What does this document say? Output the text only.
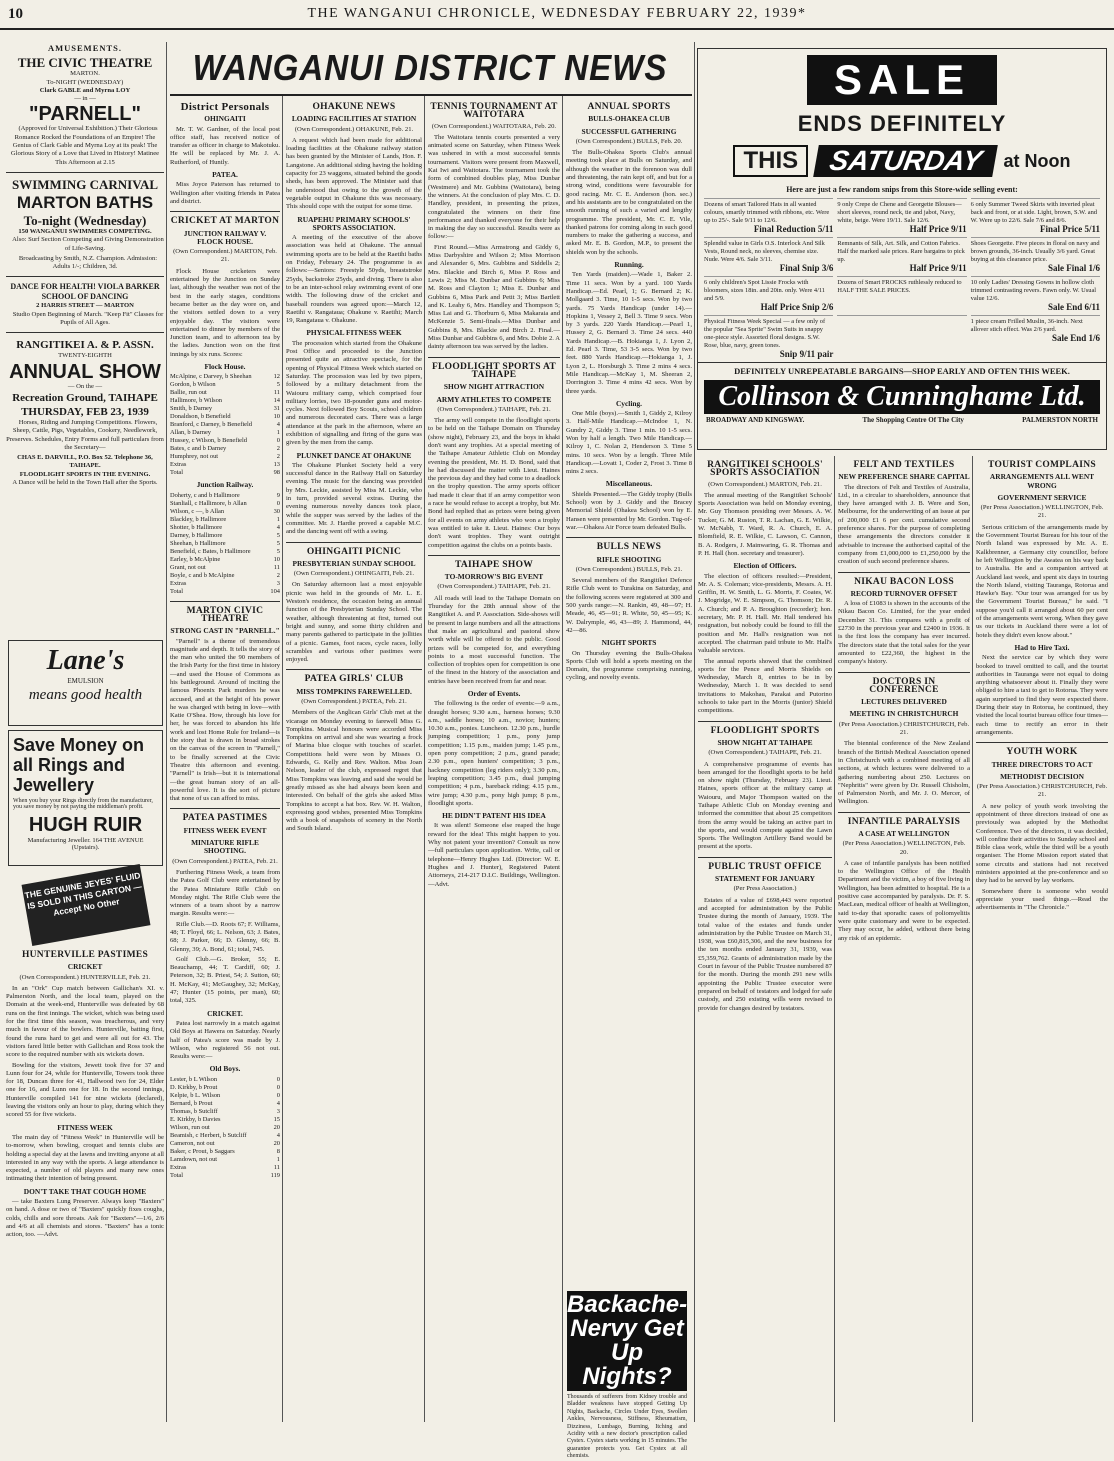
10	THE WANGANUI CHRONICLE, WEDNESDAY FEBRUARY 22, 1939*
AMUSEMENTS.
THE CIVIC THEATRE
MARTON.
To-NIGHT (WEDNESDAY)
Clark GABLE and Myrna LOY
— in —
"PARNELL"

(Approved for Universal Exhibition.) Their Glorious Romance Rocked the Foundations of an Empire! The Genius of Clark Gable and Myrna Loy at its peak! The Glorious Story of a Love that Lived in History! Matinee This Afternoon at 2.15

SWIMMING CARNIVAL
MARTON BATHS
To-night (Wednesday)
150 WANGANUI SWIMMERS COMPETING.

Also: Surf Section Competing and Giving Demonstration of Life-Saving.

Broadcasting by Smith, N.Z. Champion. Admission: Adults 1/-; Children, 3d.

DANCE FOR HEALTH! VIOLA BARKER SCHOOL OF DANCING
2 HARRIS STREET — MARTON

Studio Open Beginning of March. "Keep Fit" Classes for Pupils of All Ages.

RANGITIKEI A. & P. ASSN.
TWENTY-EIGHTH
ANNUAL SHOW
— On the —
Recreation Ground, TAIHAPE
THURSDAY, FEB 23, 1939

Horses, Riding and Jumping Competitions. Flowers, Sheep, Cattle, Pigs, Vegetables, Cookery, Needlework, Preserves. Schedules, Entry Forms and full particulars from the Secretary—

CHAS E. DARVILL, P.O. Box 52. Telephone 36, TAIHAPE.
FLOODLIGHT SPORTS IN THE EVENING.
A Dance will be held in the Town Hall after the Sports.
Lane's
EMULSION
means good health
Save Money on all Rings and Jewellery
When you buy your Rings directly from the manufacturer, you save money by not paying the middleman's profit.
HUGH RUIR
Manufacturing Jeweller. 164 THE AVENUE (Upstairs).
THE GENUINE JEYES' FLUID IS SOLD IN THIS CARTON — Accept No Other
HUNTERVILLE PASTIMES
CRICKET
(Own Correspondent.) HUNTERVILLE, Feb. 21.

In an "Ork" Cup match between Gallichan's XI. v. Palmerston North, and the local team, played on the Domain at the week-end, Hunterville was defeated by 68 runs on the first innings. The wicket, which was being used for the first time this season, was treacherous, and very much in favour of the bowlers. Hunterville, batting first, found the runs hard to get and were all out for 43. The visitors fared little better with Gallichan and Ross took the score to the required number with six wickets down.

Bowling for the visitors, Jewett took five for 37 and Lunn four for 24, while for Hunterville, Towers took three for 18, Duncan three for 41, Hallwood two for 24, Elder one for 16, and Lunn one for 18. In the second innings, Hunterville compiled 141 for nine wickets (declared), leaving the visitors only an hour to play, during which they scored 55 for five wickets.

FITNESS WEEK

The main day of "Fitness Week" in Hunterville will be to-morrow, when bowling, croquet and tennis clubs are holding a special day at the lawns and inviting anyone at all interested in any way with the sports. A large attendance is expected, a number of old players and many new ones intimating their intention of being present.

DON'T TAKE THAT COUGH HOME

— take Baxters Lung Preserver. Always keep "Baxters" on hand. A dose or two of "Baxters" quickly fixes coughs, colds, chills and sore throats. Ask for "Baxters"—1/6, 2/6 and 4/6 at all chemists and stores. "Baxters" has a tonic action, too. —Advt.

WANGANUI DISTRICT NEWS
District Personals
OHINGAITI

Mr. T. W. Gardner, of the local post office staff, has received notice of transfer as officer in charge to Makotuku. He will be replaced by Mr. J. A. Rutherford, of Huntly.

PATEA.

Miss Joyce Paterson has returned to Wellington after visiting friends in Patea and district.

CRICKET AT MARTON
JUNCTION RAILWAY V. FLOCK HOUSE.
(Own Correspondent.) MARTON, Feb. 21.

Flock House cricketers were entertained by the Junction on Sunday last, although the weather was not of the best in the early stages, conditions became better as the day wore on, and the visitors settled down to a very enjoyable day. The visitors were entertained to dinner by members of the Junction team, and to afternoon tea by the ladies. Junction won on the first innings by six runs. Scores:

Flock House.
McAlpine, c Darvey, b Sheehan	12
Gordon, b Wilson	5
Ballie, run out	11
Hallimore, b Wilson	14
Smith, b Darney	31
Donaldson, b Benefield	10
Branford, c Darney, b Benefield	4
Allan, b Darney	1
Hussey, c Wilson, b Benefield	0
Bates, c and b Darney	2
Humphrey, not out	2
Extras	13
Total	98
Junction Railway.
Doherty, c and b Hallimore	9
Stanliall, c Hallimore, b Allan	0
Wilson, c —, b Allan	30
Blackley, b Hallimore	1
Shotter, b Hallimore	4
Darney, b Hallimore	5
Sheehan, b Hallimore	5
Benefield, c Bates, b Hallimore	5
Earley, b McAlpine	10
Grant, not out	11
Boyle, c and b McAlpine	2
Extras	3
Total	104
MARTON CIVIC THEATRE
STRONG CAST IN "PARNELL."

"Parnell" is a theme of tremendous magnitude and depth. It tells the story of the man who united the 90 members of the Irish Party for the first time in history—and used the House of Commons as his battleground. Around of inciting the famous Phoenix Park murders he was accused, and at the height of his power he was charged with being in love—with Katie O'Shea. How, through his love for her, he was forced to abandon his life work and lost Home Rule for Ireland—is the story that is drawn in broad strokes on the canvas of the screen in "Parnell," to be finally screened at the Civic Theatre this afternoon and evening. "Parnell" is Irish—but it is international—the great human story of an all-powerful love. It is the sort of picture that none of us can afford to miss.

PATEA PASTIMES
FITNESS WEEK EVENT
MINIATURE RIFLE SHOOTING.
(Own Correspondent.) PATEA, Feb. 21.

Furthering Fitness Week, a team from the Patea Golf Club were entertained by the Patea Miniature Rifle Club on Monday night. The Rifle Club were the winners of a team shoot by a narrow margin. Results were:—

Rifle Club.—D. Roots 67; F. Williams, 48; T. Floyd, 66; L. Nelson, 63; J. Bates, 68; J. Parker, 66; D. Glenny, 66; B. Glenny, 39; A. Bond, 61; total, 745.

Golf Club.—G. Broker, 55; E. Beauchamp, 44; T. Cardiff, 60; J. Peterson, 32; B. Priest, 54; J. Sutton, 60; H. McKay, 41; McGaughey, 32; McKay, 47; Hunter (15 points, per man), 60; total, 325.

CRICKET.

Patea lost narrowly in a match against Old Boys at Hawera on Saturday. Nearly half of Patea's score was made by J. Wilson, who registered 56 not out. Results were:—

Old Boys.
Lester, b L Wilson	0
D. Kirkby, b Prout	0
Kelpie, b L. Wilson	0
Bernard, b Prout	4
Thomas, b Sutcliff	3
E. Kirkby, b Davies	15
Wilson, run out	20
Beamish, c Herbert, b Sutcliff	4
Cameron, not out	20
Baker, c Prout, b Saggars	8
Lamdown, not out	1
Extras	11
Total	119
OHAKUNE NEWS
LOADING FACILITIES AT STATION
(Own Correspondent.) OHAKUNE, Feb. 21.

A request which had been made for additional loading facilities at the Ohakune railway station has been granted by the Minister of Lands, Hon. F. Langstone. An additional siding having the holding capacity for 23 waggons, situated behind the goods sheds, has been approved. The Minister said that he understood that owing to the growth of the vegetable output in Ohakune this was necessary. This should cope with the output for some time.

RUAPEHU PRIMARY SCHOOLS' SPORTS ASSOCIATION.

A meeting of the executive of the above association was held at Ohakune. The annual swimming sports are to be held at the Raetihi baths on Friday, February 24. The programme is as follows:—Seniors: Freestyle 50yds, breaststroke 25yds, backstroke 25yds, and diving. There is also to be an inter-school relay swimming event of one width. The following draw of the cricket and baseball rounders was agreed upon:—March 12, Raetihi v. Rangataua; Ohakune v. Raetihi; March 19, Rangataua v. Ohakune.

PHYSICAL FITNESS WEEK

The procession which started from the Ohakune Post Office and proceeded to the Junction presented quite an attractive spectacle, for the opening of Physical Fitness Week which started on Saturday. The procession was led by two pipers, followed by a military detachment from the Waiouru military camp, which comprised four military lorries, two 18-pounder guns and motor-cycles. Next followed Boy Scouts, school children and numerous decorated cars. There was a large attendance at the park in the afternoon, where an exhibition of signalling and firing of the guns was given by the men from the camp.

PLUNKET DANCE AT OHAKUNE

The Ohakune Plunket Society held a very successful dance in the Railway Hall on Saturday evening. The music for the dancing was provided by Mrs. Leckie, assisted by Miss M. Leckie, who in turn, provided several extras. During the evening numerous novelty dances took place, while the supper was served by the ladies of the committee. Mr. J. Hardie proved a capable M.C. and the dancing went off with a swing.

OHINGAITI PICNIC
PRESBYTERIAN SUNDAY SCHOOL
(Own Correspondent.) OHINGAITI, Feb. 21.

On Saturday afternoon last a most enjoyable picnic was held in the grounds of Mr. L. E. Weston's residence, the occasion being an annual function of the Presbyterian Sunday School. The weather, although threatening at first, turned out bright and sunny, and some thirty children and many parents gathered to participate in the jollities of a picnic. Games, foot races, cycle races, lolly scrambles and various other pastimes were enjoyed.

PATEA GIRLS' CLUB
MISS TOMPKINS FAREWELLED.
(Own Correspondent.) PATEA, Feb. 21.

Members of the Anglican Girls' Club met at the vicarage on Monday evening to farewell Miss G. Tompkins. Musical honours were accorded Miss Tompkins on arrival and she was wearing a frock of Marina blue cloque with touches of scarlet. Competitions held were won by Misses O. Edwards, G. Kelly and Rev. Walton. Miss Joan Nelson, leader of the club, expressed regret that Miss Tompkins was leaving and said she would be greatly missed as she had always been keen and interested. On behalf of the girls she asked Miss Tompkins to accept a hat box. Rev. W. H. Walton, expressing good wishes, presented Miss Tompkins with a book of snapshots of scenery in the North and South Island.

TENNIS TOURNAMENT AT WAITOTARA
(Own Correspondent.) WAITOTARA, Feb. 20.

The Waitotara tennis courts presented a very animated scene on Saturday, when Fitness Week was ushered in with a most successful tennis tournament. Visitors were present from Maxwell, Kai Iwi and Waitotara. The tournament took the form of combined doubles play, Miss Dunbar (Westmere) and Mr. Gubbins (Waitotara), being the winners. At the conclusion of play Mrs. C. D. Handley, president, in presenting the prizes, congratulated the winners on their fine performance and thanked everyone for their help in making the day so successful. Results were as follow:—

First Round.—Miss Armstrong and Giddy 6, Miss Darbyshire and Wilson 2; Miss Morrison and Alexander 6, Mrs. Gubbins and Siddells 2; Mrs. Blackie and Birch 6, Miss P. Ross and Lewis 2; Miss M. Dunbar and Gubbins 6; Miss M. Ross and Clayton 1; Miss E. Dunbar and Gubbins 6, Miss Park and Petit 3; Miss Bartlett and K. Leahy 6, Mrs. Handley and Thompson 5; Miss Lai and G. Thorburn 6, Miss Makaraia and McKenzie 5. Semi-finals.—Miss Dunbar and Gubbins 8, Mrs. Blackie and Birch 2. Final.—Miss Dunbar and Gubbins 6, and Mrs. Dobie 2. A dainty afternoon tea was served by the ladies.

FLOODLIGHT SPORTS AT TAIHAPE
SHOW NIGHT ATTRACTION
ARMY ATHLETES TO COMPETE
(Own Correspondent.) TAIHAPE, Feb. 21.

The army will compete in the floodlight sports to be held on the Taihape Domain on Thursday (show night), February 23, and the boys in khaki don't want any trophies. At a special meeting of the Taihape Amateur Athletic Club on Monday evening the president, Mr. H. D. Bond, said that he had discussed the matter with Lieut. Haines the previous day and they had come to a deadlock on the trophy question. The army sports officer had made it clear that if an army competitor won a race he would refuse to accept a trophy, but Mr. Bond had replied that as prizes were being given for all events on army athletes who won a trophy was entitled to take it. Lieut. Haines: Our boys don't want trophies. They want outright competition against the clubs on a points basis.

TAIHAPE SHOW
TO-MORROW'S BIG EVENT
(Own Correspondent.) TAIHAPE, Feb. 21.

All roads will lead to the Taihape Domain on Thursday for the 28th annual show of the Rangitikei A. and P. Association. Side-shows will be present in large numbers and all the attractions that make an agricultural and pastoral show worth while will be offered to the public. Good prizes will be competed for, and everything points to a most successful function. The collection of trophies open for competition is one of the finest in the history of the association and entries have been received from far and near.

Order of Events.

The following is the order of events:—9 a.m., draught horses; 9.30 a.m., harness horses; 9.30 a.m., saddle horses; 10 a.m., novice; hunters; 10.30 a.m., ponies. Luncheon. 12.30 p.m., hurdle jumping competition; 1 p.m., pony jump competition; 1.15 p.m., maiden jump; 1.45 p.m., open pony competition; 2 p.m., grand parade; 2.30 p.m., open hunters' competition; 3 p.m., hackney competition (leg riders only); 3.30 p.m., leaping competition; 3.45 p.m., dual jumping competition; 4 p.m., bareback riding; 4.15 p.m., wire jump; 4.30 p.m., pony high jump; 8 p.m., floodlight sports.

HE DIDN'T PATENT HIS IDEA

It was silent! Someone else reaped the huge reward for the idea! This might happen to you. Why not patent your invention? Consult us now—full particulars upon application. Write, call or telephone—Henry Hughes Ltd. (Director: W. E. Hughes and J. Hunter), Registered Patent Attorneys, 214-217 D.I.C. Buildings, Wellington.—Advt.

ANNUAL SPORTS
BULLS-OHAKEA CLUB
SUCCESSFUL GATHERING
(Own Correspondent.) BULLS, Feb. 20.

The Bulls-Ohakea Sports Club's annual meeting took place at Bulls on Saturday, and although the weather in the forenoon was dull and threatening, the rain kept off, and but for a strong wind, conditions were favourable for good racing. Mr. C. E. Anderson (hon. sec.) and his assistants are to be congratulated on the smooth running of such a varied and lengthy programme. The president, Mr. C. E. Vile, thanked patrons for coming along in such good numbers to make the gathering a success, and asked Mr. E. B. Gordon, M.P., to present the shields won by the schools.

Running.

Ten Yards (maiden).—Wade 1, Baker 2. Time 11 secs. Won by a yard. 100 Yards Handicap.—Ed. Pearl, 1; G. Bernard 2; K. Mollgaard 3. Time, 10 1-5 secs. Won by two yards. 75 Yards Handicap (under 14).—Hopkins 1, Vessey 2, Bell 3. Time 9 secs. Won by 3 yards. 220 Yards Handicap.—Pearl 1, Hussey 2, G. Bernard 3. Time 24 secs. 440 Yards Handicap.—B. Hokianga 1, J. Lyon 2, Ed. Pearl 3. Time, 53 3-5 secs. Won by two feet. 880 Yards Handicap.—Hokianga 1, J. Lyon 2, L. Horsburgh 3. Time 2 mins 4 secs. Mile Handicap.—McKay 1, M. Sheeran 2, Dorrington 3. Time 4 mins 42 secs. Won by three yards.

Cycling.

One Mile (boys).—Smith 1, Giddy 2, Kilroy 3. Half-Mile Handicap.—McIndoe 1, N. Gundry 2, Giddy 3. Time 1 min. 10 1-5 secs. Won by half a length. Two Mile Handicap.—Kilroy 1, C. Nolan 2, Henderson 3. Time 5 mins. 10 secs. Won by a length. Three Mile Handicap.—Lovatt 1, Coder 2, Frost 3. Time 8 mins 2 secs.

Miscellaneous.

Shields Presented.—The Giddy trophy (Bulls School) won by J. Giddy and the Bracey Memorial Shield (Ohakea School) won by E. Hansen were presented by Mr. Gordon. Tug-of-war.—Ohakea Air Force team defeated Bulls.

BULLS NEWS
RIFLE SHOOTING
(Own Correspondent.) BULLS, Feb. 21.

Several members of the Rangitikei Defence Rifle Club went to Turakina on Saturday, and the following scores were registered at 300 and 500 yards range:—N. Rankin, 49, 48—97; H. Meade, 46, 45—91; R. White, 50, 45—95; K. W. Dalrymple, 46, 43—89; J. Hammond, 44, 42—86.

NIGHT SPORTS

On Thursday evening the Bulls-Ohakea Sports Club will hold a sports meeting on the Domain, the programme comprising running, cycling, and novelty events.

Backache-Nervy Get Up Nights?

Thousands of sufferers from Kidney trouble and Bladder weakness have stopped Getting Up Nights, Backache, Circles Under Eyes, Swollen Ankles, Nervousness, Stiffness, Rheumatism, Dizziness, Lumbago, Burning, Itching and Acidity with a new doctor's prescription called Cystex. Cystex starts working in 15 minutes. The guarantee protects you. Get Cystex at all chemists.

SALE
ENDS DEFINITELY
THIS	SATURDAY	at Noon
Here are just a few random snips from this Store-wide selling event:
Dozens of smart Tailored Hats in all wanted colours, smartly trimmed with ribbons, etc. Were up to 25/-. Sale 9/11 to 12/6.
Final Reduction 5/11
9 only Crepe de Chene and Georgette Blouses—short sleeves, round neck, tie and jabot, Navy, white, beige. Were 19/11. Sale 12/6.
Half Price 9/11
6 only Summer Tweed Skirts with inverted pleat back and front, or at side. Light, brown, S.W. and W. Were up to 22/6. Sale 7/6 and 8/6.
Final Price 5/11
Splendid value in Girls O.S. Interlock And Silk Vests, Round neck, no sleeves, chemise size. Nude. Were 4/6. Sale 3/11.
Final Snip 3/6
Remnants of Silk, Art. Silk, and Cotton Fabrics. Half the marked sale prices. Rare bargains to pick up.
Half Price 9/11
Shoes Georgette. Five pieces in floral on navy and brown grounds, 36-inch. Usually 3/6 yard. Great buying at this clearance price.
Sale Final 1/6
6 only children's Spot Lissie Frocks with bloomers, sizes 18in. and 20in. only. Were 4/11 and 5/9.
Half Price Snip 2/6
Dozens of Smart FROCKS ruthlessly reduced to HALF THE SALE PRICES.
10 only Ladies' Dressing Gowns in hollow cloth trimmed contrasting revers. Fawn only. W. Usual value 12/6.
Sale End 6/11
Physical Fitness Week Special — a few only of the popular "Sea Sprite" Swim Suits in snappy one-piece style. Assorted floral designs. S.W. Rose, blue, navy, green tones.
Snip 9/11 pair
1 piece cream Frilled Muslin, 36-inch. Next allover stich effect. Was 2/6 yard.
Sale End 1/6
DEFINITELY UNREPEATABLE BARGAINS—SHOP EARLY AND OFTEN THIS WEEK.
Collinson & Cunninghame Ltd.
BROADWAY AND KINGSWAY.	The Shopping Centre Of The City	PALMERSTON NORTH
RANGITIKEI SCHOOLS' SPORTS ASSOCIATION
(Own Correspondent.) MARTON, Feb. 21.

The annual meeting of the Rangitikei Schools' Sports Association was held on Monday evening, Mr. Guy Thomson presiding over Messrs. A. W. Tucker, G. M. Ruston, T. R. Lachan, G. E. Wilkie, W. McNabb, T. Ward, R. A. Church, E. A. Blomfield, R. E. Wilkie, C. Lawson, C. Cannon, B. A. Rodgers, J. Mainwaring, G. R. Thomas and P. H. Hall (hon. secretary and treasurer).

Election of Officers.

The election of officers resulted:—President, Mr. A. S. Coleman; vice-presidents, Messrs. A. H. Griffin, H. W. Smith, L. G. Morris, F. Coates, W. J. Mogridge, W. E. Simpson, G. Thomson; Dr. R. A. Church; and P. A. Broughton (recorder); hon. secretary, Mr. P. H. Hall. Mr. Hall tendered his resignation, but nobody could be found to fill the position and Mr. Hall's resignation was not accepted. The chairman paid tribute to Mr. Hall's valuable services.

The annual reports showed that the combined sports for the Pence and Morris Shields on Wednesday, March 8, entries to be in by Wednesday, March 1. It was decided to send invitations to Makohau, Parakai and Putorino schools to take part in the Morris (junior) Shield competitions.

FLOODLIGHT SPORTS
SHOW NIGHT AT TAIHAPE
(Own Correspondent.) TAIHAPE, Feb. 21.

A comprehensive programme of events has been arranged for the floodlight sports to be held on show night (Thursday, February 23). Lieut. Haines, sports officer at the military camp at Waiouru, and Major Thompson waited on the Taihape Athletic Club on Monday evening and informed the committee that about 25 competitors from the army would be taking an active part in the sports, and would compete against the Lawn Sports. The Wellington Artillery Band would be present at the sports.

PUBLIC TRUST OFFICE
STATEMENT FOR JANUARY
(Per Press Association.)

Estates of a value of £698,443 were reported and accepted for administration by the Public Trustee during the month of January, 1939. The total value of the estates and funds under administration by the Public Trustee on March 31, 1938, was £60,815,306, and the new business for the ten months ended January 31, 1939, was £5,359,762. Grants of administration made by the Court in favour of the Public Trustee numbered 87 for the month. During the month 291 new wills appointing the Public Trustee executor were prepared on behalf of testators and lodged for safe custody, and 250 existing wills were revised to provide for changes desired by testators.

FELT AND TEXTILES
NEW PREFERENCE SHARE CAPITAL

The directors of Felt and Textiles of Australia, Ltd., in a circular to shareholders, announce that they have arranged with J. B. Were and Son, Melbourne, for the underwriting of an issue at par of 200,000 £1 6 per cent. cumulative second preference shares. For the purpose of completing these arrangements the directors consider it advisable to increase the authorised capital of the company from £1,000,000 to £1,250,000 by the creation of such second preference shares.

NIKAU BACON LOSS
RECORD TURNOVER OFFSET

A loss of £1083 is shown in the accounts of the Nikau Bacon Co. Limited, for the year ended December 31. This compares with a profit of £2730 in the previous year and £2400 in 1936. It is the first loss the company has ever incurred. The directors state that the total sales for the year amounted to £22,360, the highest in the company's history.

DOCTORS IN CONFERENCE
LECTURES DELIVERED
MEETING IN CHRISTCHURCH
(Per Press Association.) CHRISTCHURCH, Feb. 21.

The biennial conference of the New Zealand branch of the British Medical Association opened in Christchurch with a combined meeting of all sections, at which lectures were delivered to a gathering numbering about 250. Lectures on "Nephritis" were given by Dr. Russell Chisholm, of Palmerston North, and Mr. J. O. Mercer, of Wellington.

INFANTILE PARALYSIS
A CASE AT WELLINGTON
(Per Press Association.) WELLINGTON, Feb. 20.

A case of infantile paralysis has been notified to the Wellington Office of the Health Department and the victim, a boy of five living in Wellington, has been admitted to hospital. He is a positive case accompanied by paralysis. Dr. F. S. MacLean, medical officer of health at Wellington, said to-day that sporadic cases of poliomyelitis were quite customary and were to be expected. They may occur, he added, without there being any risk of an epidemic.

TOURIST COMPLAINS
ARRANGEMENTS ALL WENT WRONG
GOVERNMENT SERVICE
(Per Press Association.) WELLINGTON, Feb. 21.

Serious criticism of the arrangements made by the Government Tourist Bureau for his tour of the North Island was expressed by Mr. A. E. Kalkbrenner, a Germany city councillor, before he left Wellington by the Awatea on his way back to Australia. He and a companion arrived at Auckland last week, and spent six days in touring the North Island, visiting Tauranga, Rotorua and Hawke's Bay. "Our tour was arranged for us by the Government Tourist Bureau," he said. "I suppose you'd call it arranged about 60 per cent of the arrangements went wrong. When they gave us our tickets in Auckland there were a lot of hotels they didn't even know about."

Had to Hire Taxi.

Next the service car by which they were booked to travel omitted to call, and the tourist authorities in Tauranga were not equal to doing anything whatsoever about it. Finally they were obliged to hire a taxi to get to Rotorua. They were again surprised to find they were expected there. During their stay in Rotorua, he continued, they visited the local tourist bureau office four times—each time to rectify an error in their arrangements.

YOUTH WORK
THREE DIRECTORS TO ACT
METHODIST DECISION
(Per Press Association.) CHRISTCHURCH, Feb. 21.

A new policy of youth work involving the appointment of three directors instead of one as previously was adopted by the Methodist Conference. Two of the directors, it was decided, will confine their activities to Sunday school and Bible class work, while the third will be a youth organiser. The Home Mission report stated that some circuits and stations had not received ministers appointed at the pre-conference and so they had to be served by lay workers.

Somewhere there is someone who would appreciate your used things.—Read the advertisements in "The Chronicle."
